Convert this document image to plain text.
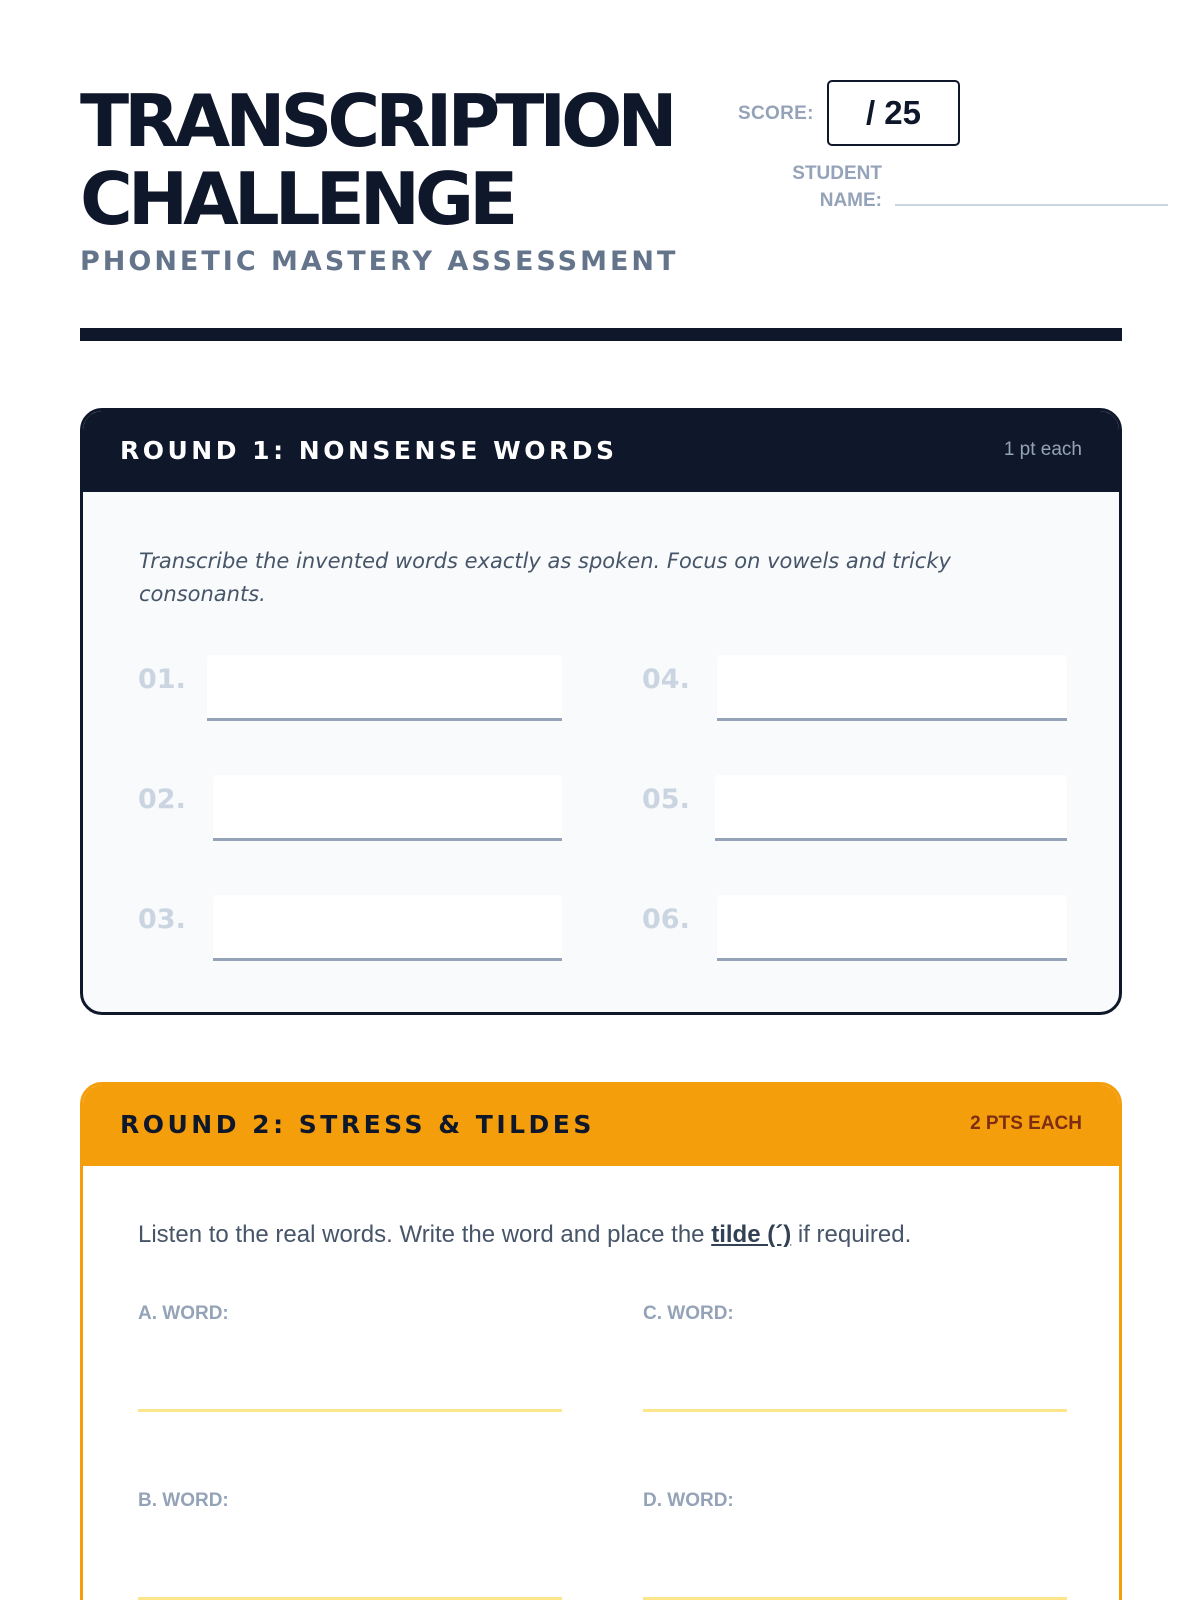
TRANSCRIPTION
CHALLENGE
PHONETIC MASTERY ASSESSMENT
SCORE: / 25
STUDENT
NAME:
ROUND 1: NONSENSE WORDS	1 pt each

Transcribe the invented words exactly as spoken. Focus on vowels and tricky consonants.

01.
02.
03.
04.
05.
06.
ROUND 2: STRESS & TILDES	2 PTS EACH

Listen to the real words. Write the word and place the tilde (´) if required.

A. WORD:
B. WORD:
C. WORD:
D. WORD:
